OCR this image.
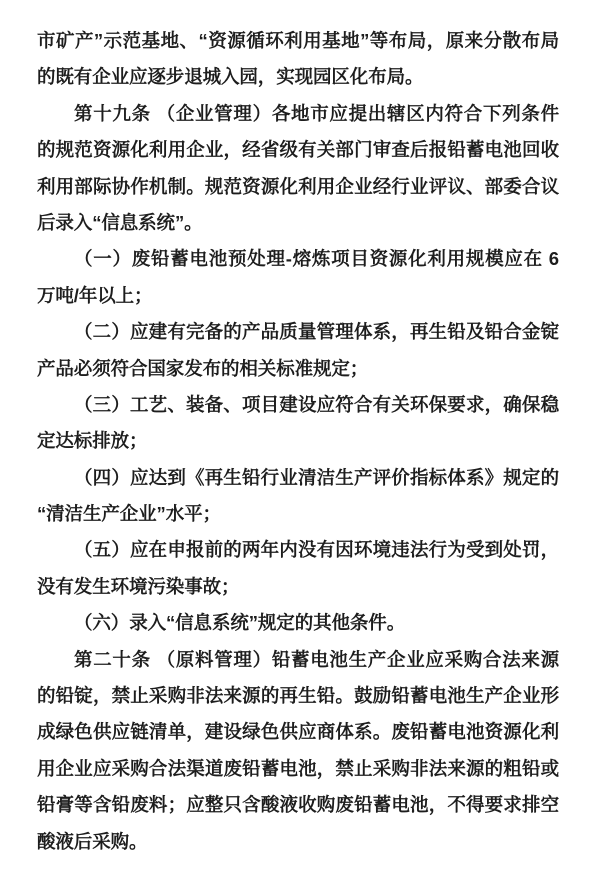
市矿产”示范基地、“资源循环利用基地”等布局，原来分散布局
的既有企业应逐步退城入园，实现园区化布局。
第十九条 （企业管理）各地市应提出辖区内符合下列条件
的规范资源化利用企业，经省级有关部门审查后报铅蓄电池回收
利用部际协作机制。规范资源化利用企业经行业评议、部委合议
后录入“信息系统”。
（一）废铅蓄电池预处理-熔炼项目资源化利用规模应在 6
万吨/年以上；
（二）应建有完备的产品质量管理体系，再生铅及铅合金锭
产品必须符合国家发布的相关标准规定；
（三）工艺、装备、项目建设应符合有关环保要求，确保稳
定达标排放；
（四）应达到《再生铅行业清洁生产评价指标体系》规定的
“清洁生产企业”水平；
（五）应在申报前的两年内没有因环境违法行为受到处罚，
没有发生环境污染事故；
（六）录入“信息系统”规定的其他条件。
第二十条 （原料管理）铅蓄电池生产企业应采购合法来源
的铅锭，禁止采购非法来源的再生铅。鼓励铅蓄电池生产企业形
成绿色供应链清单，建设绿色供应商体系。废铅蓄电池资源化利
用企业应采购合法渠道废铅蓄电池，禁止采购非法来源的粗铅或
铅膏等含铅废料；应整只含酸液收购废铅蓄电池，不得要求排空
酸液后采购。
